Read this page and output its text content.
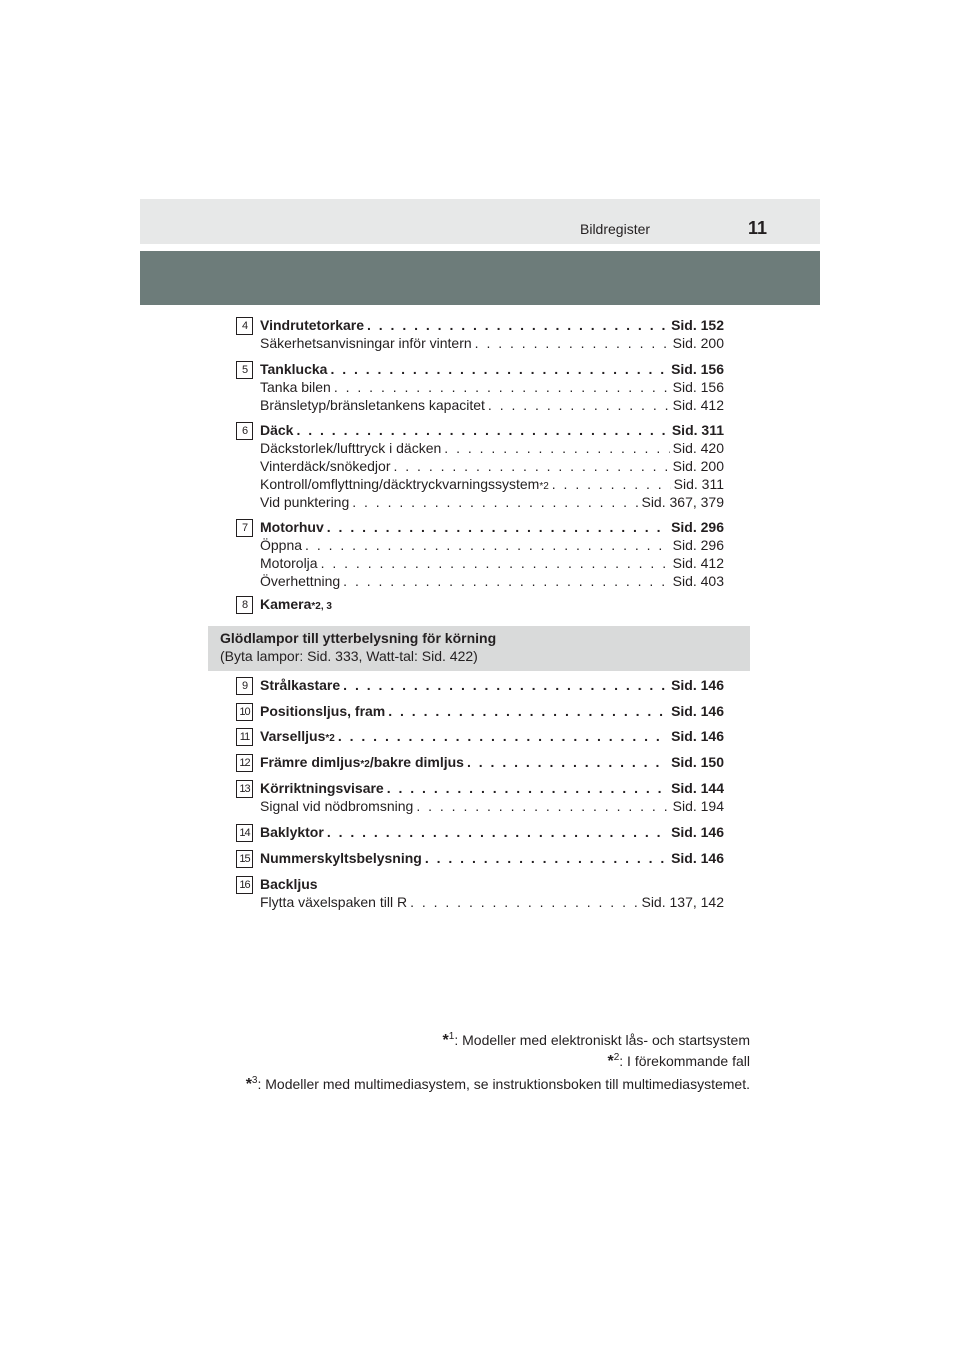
Bildregister	11
4 Vindrutetorkare . . .	Sid. 152
Säkerhetsanvisningar inför vintern . . .	Sid. 200
5 Tanklucka . . .	Sid. 156
Tanka bilen . . .	Sid. 156
Bränsletyp/bränsletankens kapacitet . . .	Sid. 412
6 Däck . . .	Sid. 311
Däckstorlek/lufttryck i däcken . . .	Sid. 420
Vinterdäck/snökedjor . . .	Sid. 200
Kontroll/omflyttning/däcktryckvarningssystem *2 . . .	Sid. 311
Vid punktering . . .	Sid. 367, 379
7 Motorhuv . . .	Sid. 296
Öppna . . .	Sid. 296
Motorolja . . .	Sid. 412
Överhettning . . .	Sid. 403
8 Kamera *2, 3
Glödlampor till ytterbelysning för körning
(Byta lampor: Sid. 333, Watt-tal: Sid. 422)
9 Strålkastare . . .	Sid. 146
10 Positionsljus, fram . . .	Sid. 146
11 Varselljus *2 . . .	Sid. 146
12 Främre dimljus *2 /bakre dimljus . . .	Sid. 150
13 Körriktningsvisare . . .	Sid. 144
Signal vid nödbromsning . . .	Sid. 194
14 Baklyktor . . .	Sid. 146
15 Nummerskyltsbelysning . . .	Sid. 146
16 Backljus
Flytta växelspaken till R . . .	Sid. 137, 142
*$^1$: Modeller med elektroniskt lås- och startsystem
*$^2$: I förekommande fall
*$^3$: Modeller med multimediasystem, se instruktionsboken till multimediasystemet.
